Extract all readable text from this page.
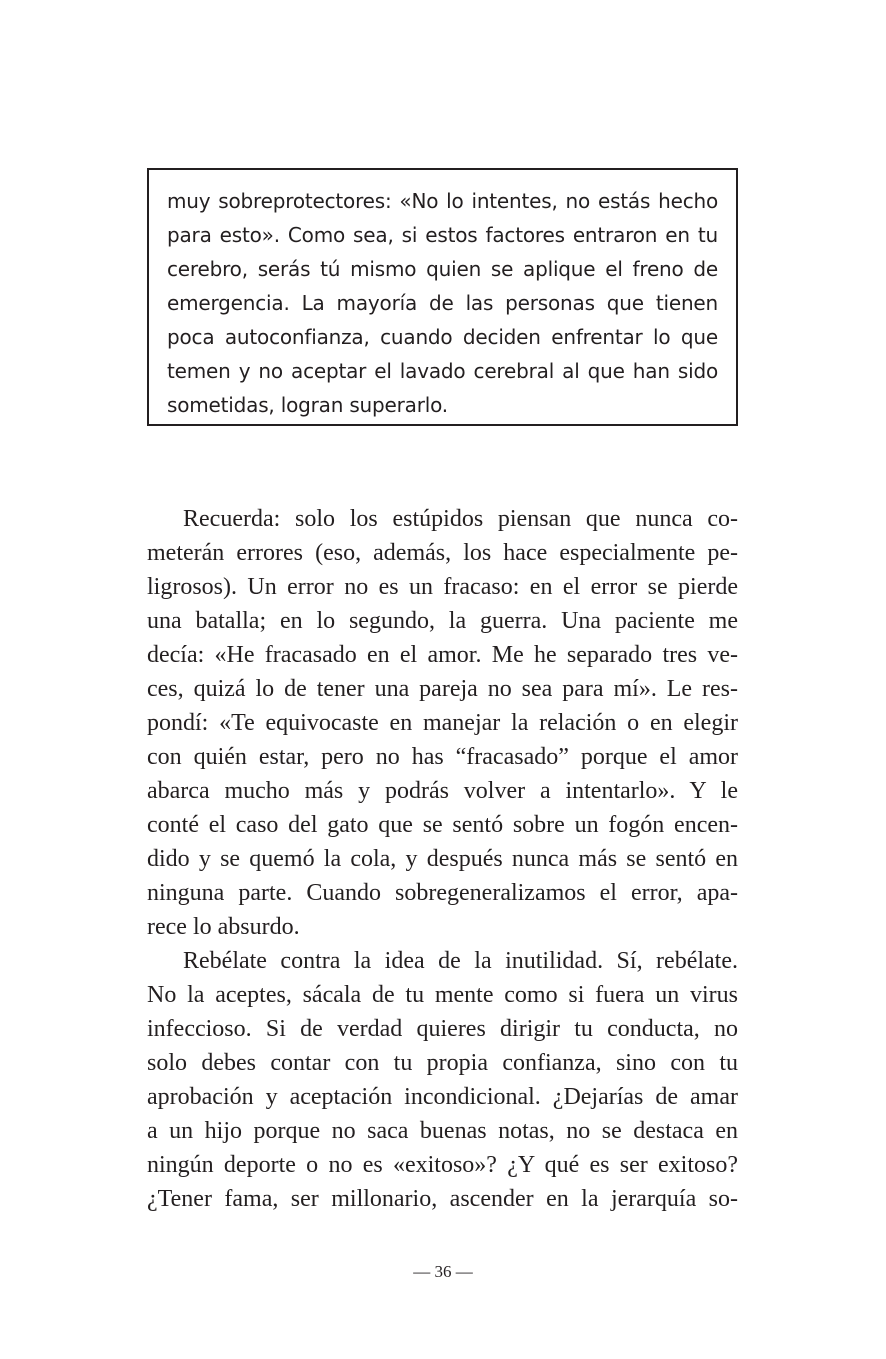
muy sobreprotectores: «No lo intentes, no estás hecho
para esto». Como sea, si estos factores entraron en tu
cerebro, serás tú mismo quien se aplique el freno de
emergencia. La mayoría de las personas que tienen
poca autoconfianza, cuando deciden enfrentar lo que
temen y no aceptar el lavado cerebral al que han sido
sometidas, logran superarlo.
Recuerda: solo los estúpidos piensan que nunca co-
meterán errores (eso, además, los hace especialmente pe-
ligrosos). Un error no es un fracaso: en el error se pierde
una batalla; en lo segundo, la guerra. Una paciente me
decía: «He fracasado en el amor. Me he separado tres ve-
ces, quizá lo de tener una pareja no sea para mí». Le res-
pondí: «Te equivocaste en manejar la relación o en elegir
con quién estar, pero no has “fracasado” porque el amor
abarca mucho más y podrás volver a intentarlo». Y le
conté el caso del gato que se sentó sobre un fogón encen-
dido y se quemó la cola, y después nunca más se sentó en
ninguna parte. Cuando sobregeneralizamos el error, apa-
rece lo absurdo.
Rebélate contra la idea de la inutilidad. Sí, rebélate.
No la aceptes, sácala de tu mente como si fuera un virus
infeccioso. Si de verdad quieres dirigir tu conducta, no
solo debes contar con tu propia confianza, sino con tu
aprobación y aceptación incondicional. ¿Dejarías de amar
a un hijo porque no saca buenas notas, no se destaca en
ningún deporte o no es «exitoso»? ¿Y qué es ser exitoso?
¿Tener fama, ser millonario, ascender en la jerarquía so-
— 36 —
